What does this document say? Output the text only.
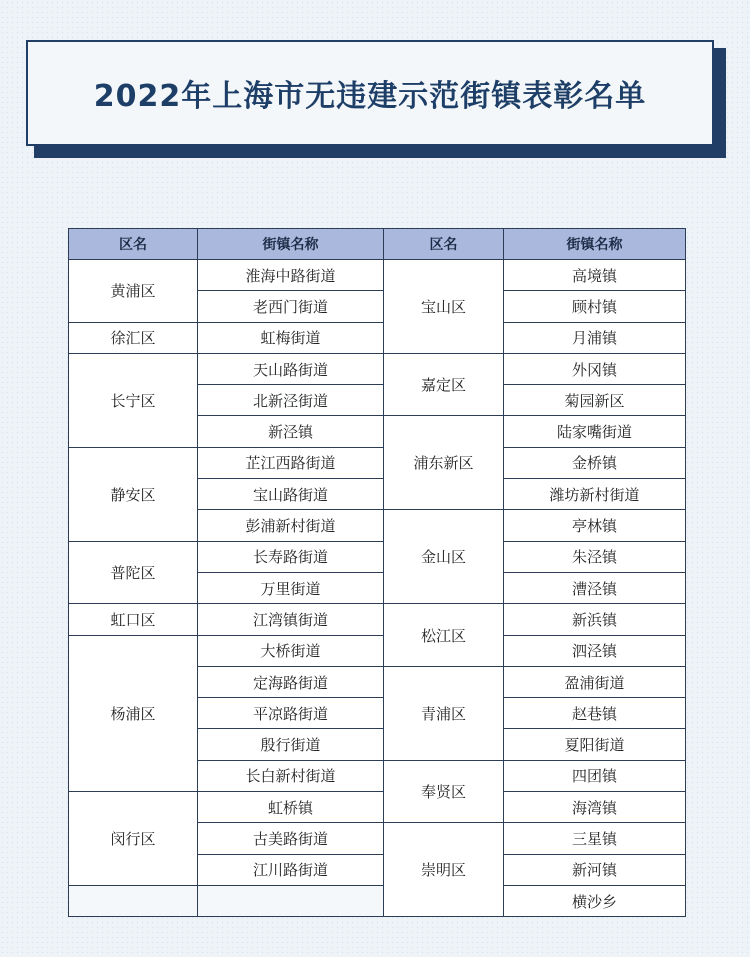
2022年上海市无违建示范街镇表彰名单
区名	街镇名称	区名	街镇名称
黄浦区	淮海中路街道	宝山区	高境镇
	老西门街道		顾村镇
徐汇区	虹梅街道		月浦镇
长宁区	天山路街道	嘉定区	外冈镇
	北新泾街道		菊园新区
	新泾镇	浦东新区	陆家嘴街道
静安区	芷江西路街道		金桥镇
	宝山路街道		潍坊新村街道
	彭浦新村街道	金山区	亭林镇
普陀区	长寿路街道		朱泾镇
	万里街道		漕泾镇
虹口区	江湾镇街道	松江区	新浜镇
杨浦区	大桥街道		泗泾镇
	定海路街道	青浦区	盈浦街道
	平凉路街道		赵巷镇
	殷行街道		夏阳街道
	长白新村街道	奉贤区	四团镇
闵行区	虹桥镇		海湾镇
	古美路街道	崇明区	三星镇
	江川路街道		新河镇
			横沙乡
